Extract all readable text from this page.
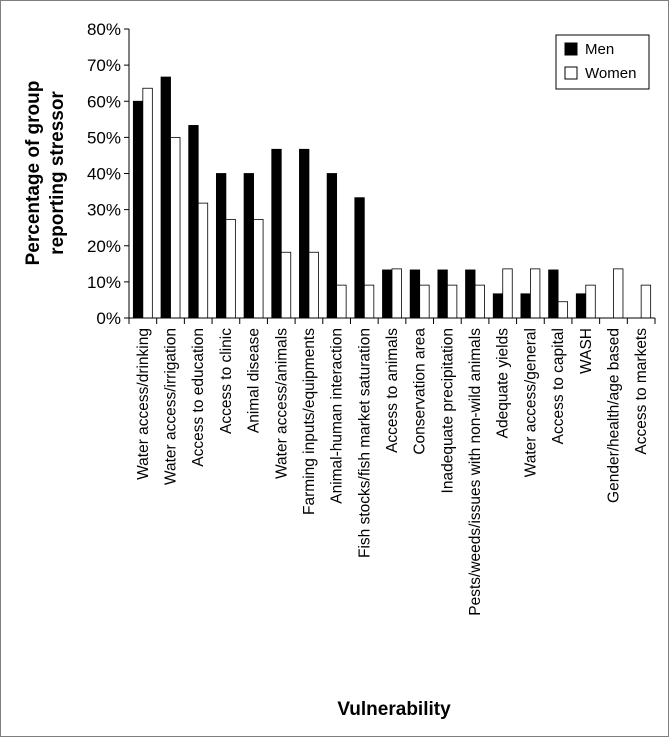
0%
10%
20%
30%
40%
50%
60%
70%
80%
Water access/drinking Water access/irrigation Access to education Access to clinic Animal disease Water access/animals Farming inputs/equipments Animal-human interaction Fish stocks/fish market saturation Access to animals Conservation area Inadequate precipitation Pests/weeds/issues with non-wild animals Adequate yields Water access/general Access to capital WASH Gender/health/age based Access to markets
Percentage of group reporting stressor
Vulnerability
Men
Women
